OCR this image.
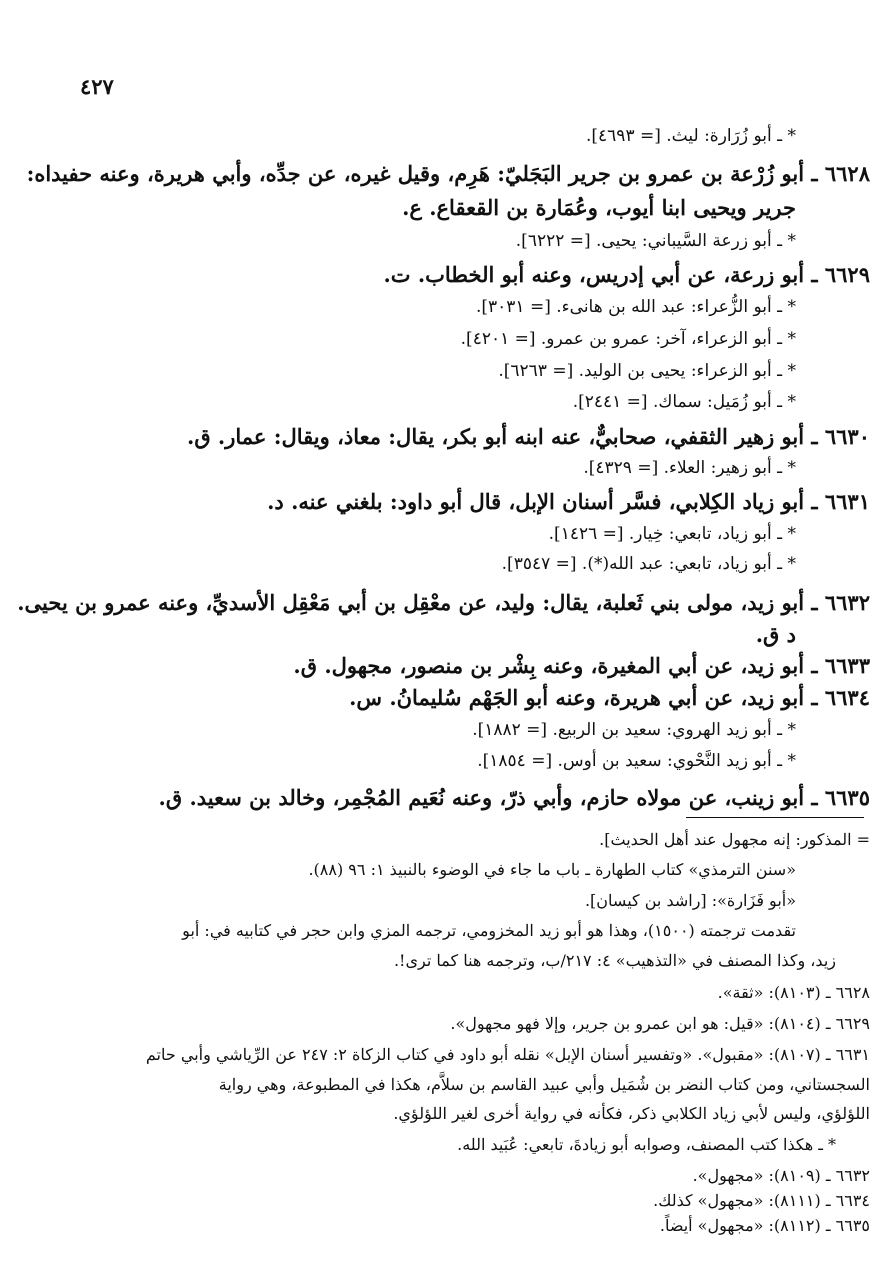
٤٢٧
* ـ أبو زُرَارة: ليث. [= ٤٦٩٣].
٦٦٢٨ ـ أبو زُرْعة بن عمرو بن جرير البَجَليّ: هَرِم، وقيل غيره، عن جدِّه، وأبي هريرة، وعنه حفيداه:
جرير ويحيى ابنا أيوب، وعُمَارة بن القعقاع. ع.
* ـ أبو زرعة السَّيباني: يحيى. [= ٦٢٢٢].
٦٦٢٩ ـ أبو زرعة، عن أبي إدريس، وعنه أبو الخطاب. ت.
* ـ أبو الزُّعراء: عبد الله بن هانىء. [= ٣٠٣١].
* ـ أبو الزعراء، آخر: عمرو بن عمرو. [= ٤٢٠١].
* ـ أبو الزعراء: يحيى بن الوليد. [= ٦٢٦٣].
* ـ أبو زُمَيل: سماك. [= ٢٤٤١].
٦٦٣٠ ـ أبو زهير الثقفي، صحابيٌّ، عنه ابنه أبو بكر، يقال: معاذ، ويقال: عمار. ق.
* ـ أبو زهير: العلاء. [= ٤٣٢٩].
٦٦٣١ ـ أبو زياد الكِلابي، فسَّر أسنان الإبل، قال أبو داود: بلغني عنه. د.
* ـ أبو زياد، تابعي: خِيار. [= ١٤٢٦].
* ـ أبو زياد، تابعي: عبد الله(*). [= ٣٥٤٧].
٦٦٣٢ ـ أبو زيد، مولى بني ثَعلبة، يقال: وليد، عن معْقِل بن أبي مَعْقِل الأسديِّ، وعنه عمرو بن يحيى.
د ق.
٦٦٣٣ ـ أبو زيد، عن أبي المغيرة، وعنه بِشْر بن منصور، مجهول. ق.
٦٦٣٤ ـ أبو زيد، عن أبي هريرة، وعنه أبو الجَهْم سُليمانُ. س.
* ـ أبو زيد الهروي: سعيد بن الربيع. [= ١٨٨٢].
* ـ أبو زيد النَّحْوي: سعيد بن أوس. [= ١٨٥٤].
٦٦٣٥ ـ أبو زينب، عن مولاه حازم، وأبي ذرّ، وعنه نُعَيم المُجْمِر، وخالد بن سعيد. ق.
= المذكور: إنه مجهول عند أهل الحديث].
«سنن الترمذي» كتاب الطهارة ـ باب ما جاء في الوضوء بالنبيذ ١: ٩٦ (٨٨).
«أبو فَزَارة»: [راشد بن كيسان].
تقدمت ترجمته (١٥٠٠)، وهذا هو أبو زيد المخزومي، ترجمه المزي وابن حجر في كتابيه في: أبو
زيد، وكذا المصنف في «التذهيب» ٤: ٢١٧/ب، وترجمه هنا كما ترى!.
٦٦٢٨ ـ (٨١٠٣): «ثقة».
٦٦٢٩ ـ (٨١٠٤): «قيل: هو ابن عمرو بن جرير، وإلا فهو مجهول».
٦٦٣١ ـ (٨١٠٧): «مقبول». «وتفسير أسنان الإبل» نقله أبو داود في كتاب الزكاة ٢: ٢٤٧ عن الرِّياشي وأبي حاتم
السجستاني، ومن كتاب النضر بن شُمَيل وأبي عبيد القاسم بن سلاَّم، هكذا في المطبوعة، وهي رواية
اللؤلؤي، وليس لأبي زياد الكلابي ذكر، فكأنه في رواية أخرى لغير اللؤلؤي.
* ـ هكذا كتب المصنف، وصوابه أبو زيادةَ، تابعي: عُبَيد الله.
٦٦٣٢ ـ (٨١٠٩): «مجهول».
٦٦٣٤ ـ (٨١١١): «مجهول» كذلك.
٦٦٣٥ ـ (٨١١٢): «مجهول» أيضاً.
